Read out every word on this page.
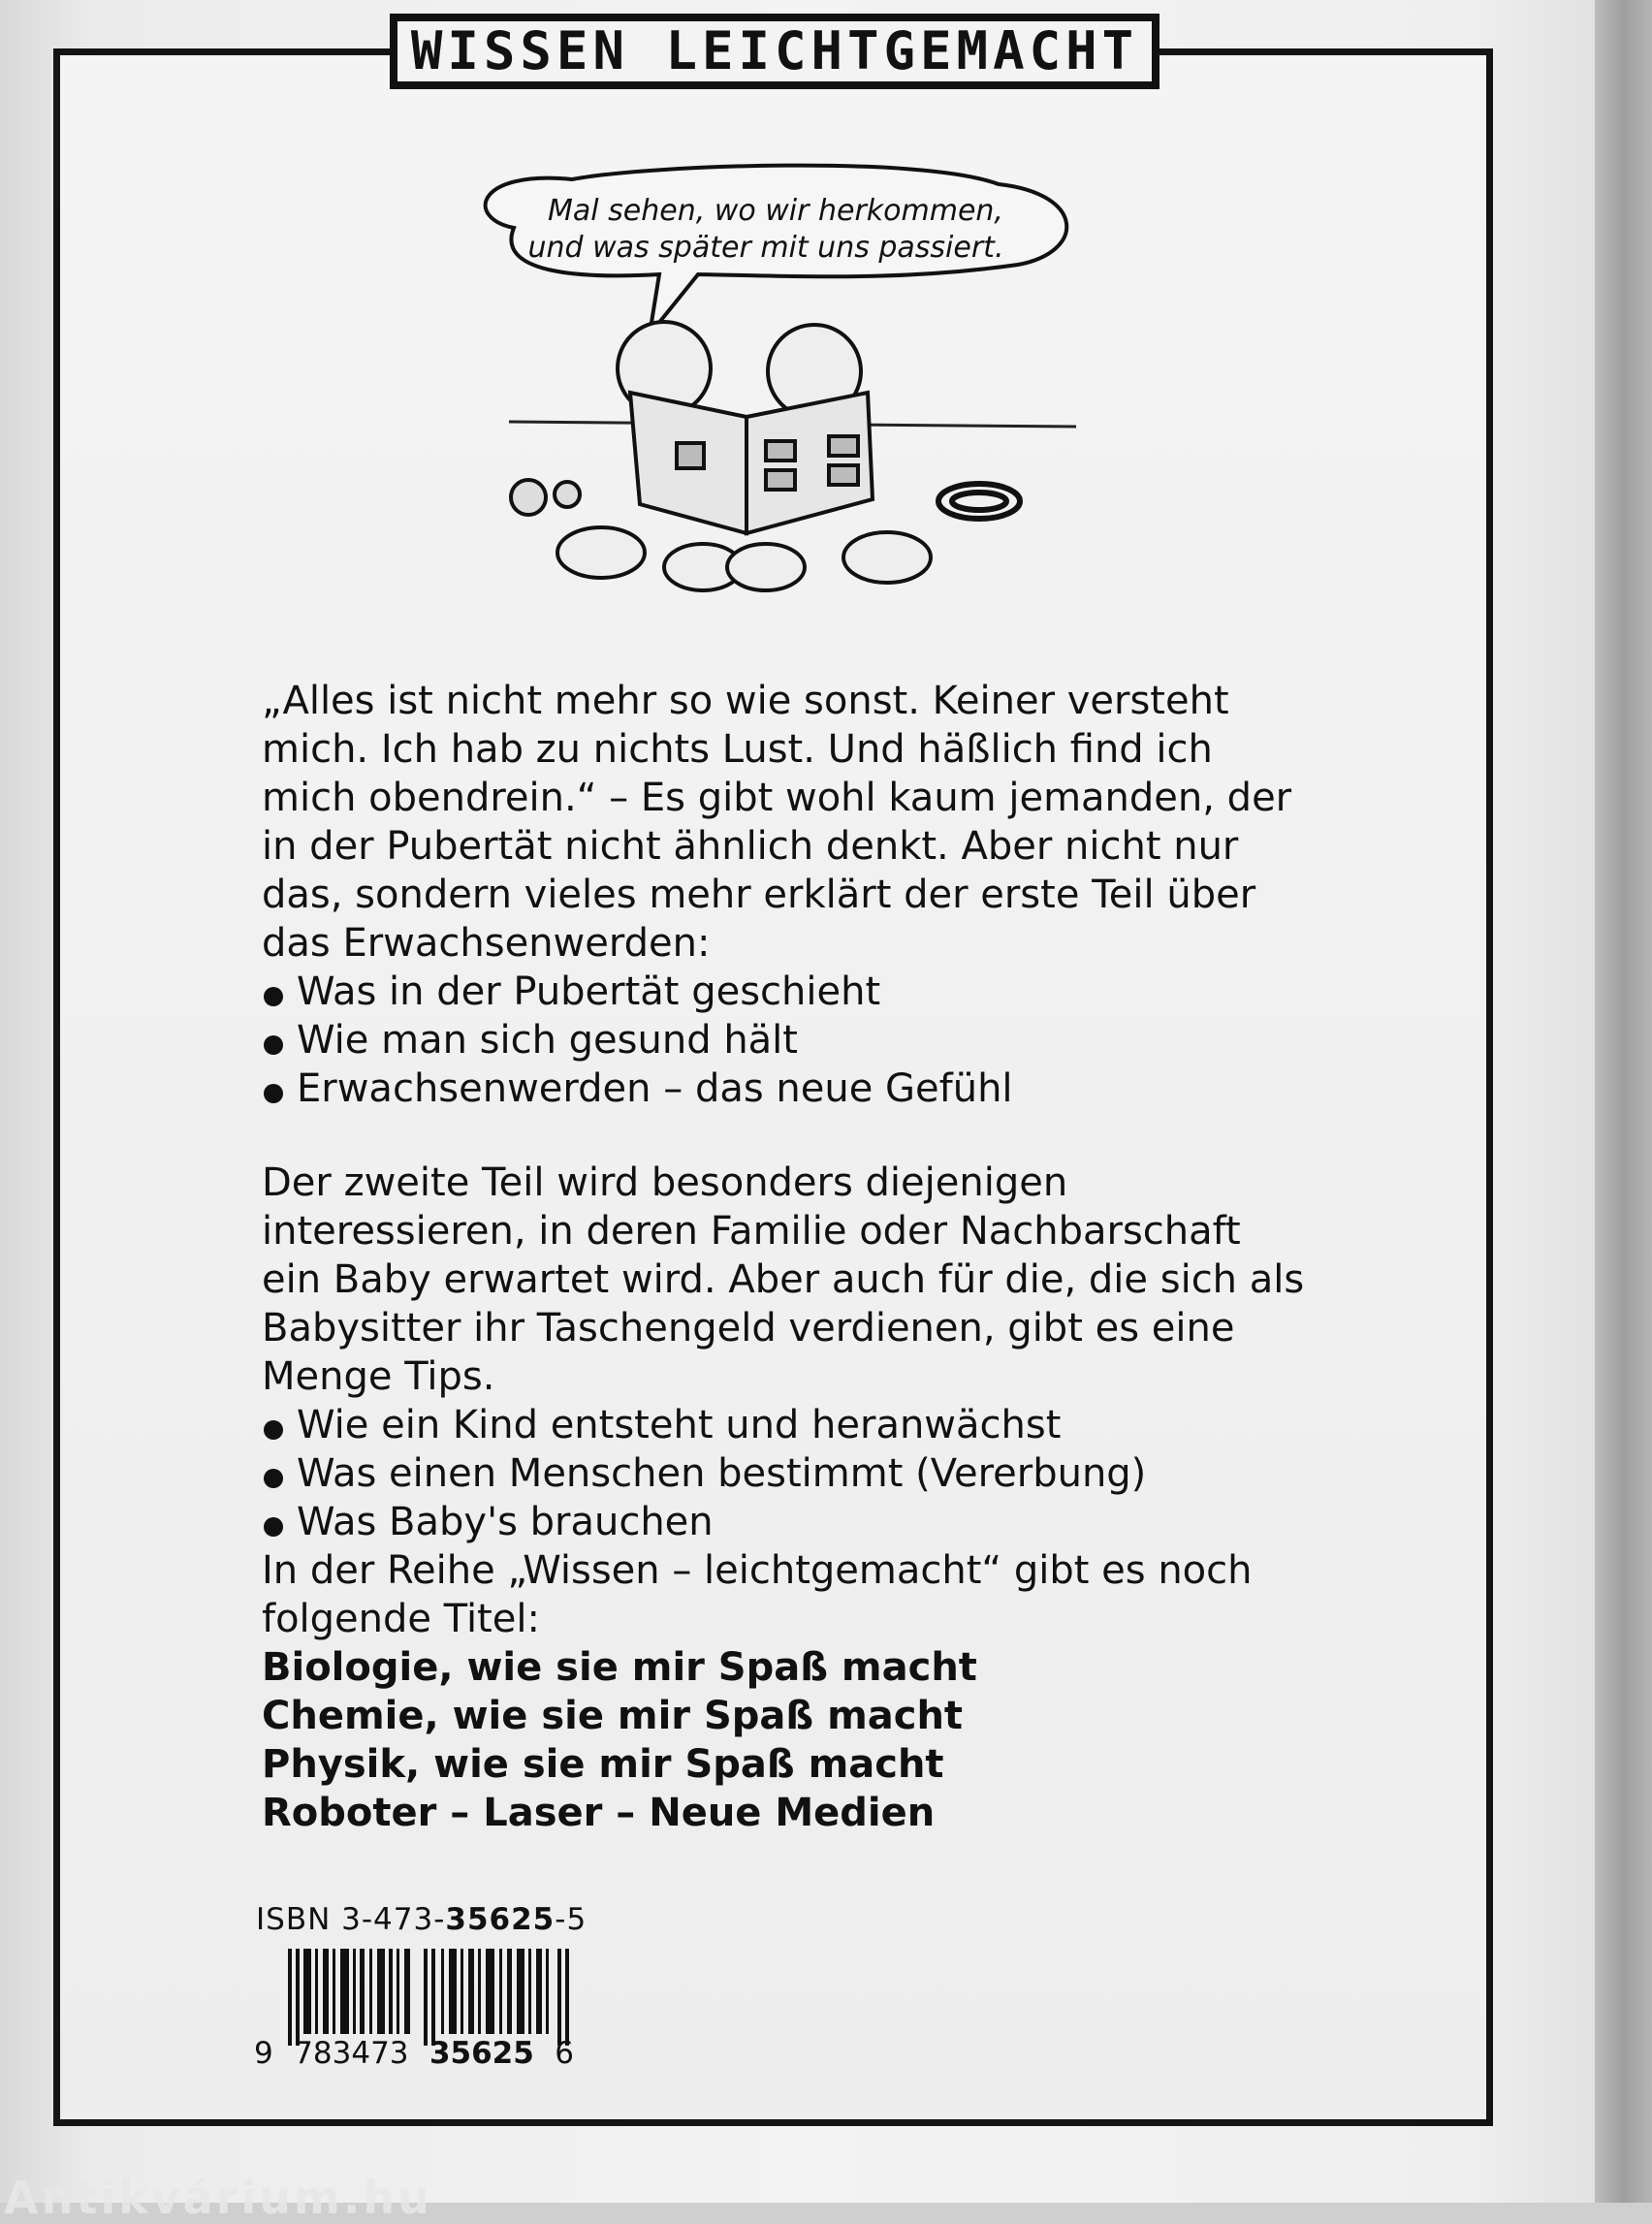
WISSEN LEICHTGEMACHT
Mal sehen, wo wir herkommen,
und was später mit uns passiert.

„Alles ist nicht mehr so wie sonst. Keiner versteht mich. Ich hab zu nichts Lust. Und häßlich find ich mich obendrein.“ – Es gibt wohl kaum jemanden, der in der Pubertät nicht ähnlich denkt. Aber nicht nur das, sondern vieles mehr erklärt der erste Teil über das Erwachsenwerden:

Was in der Pubertät geschieht
Wie man sich gesund hält
Erwachsenwerden – das neue Gefühl

Der zweite Teil wird besonders diejenigen interessieren, in deren Familie oder Nachbarschaft ein Baby erwartet wird. Aber auch für die, die sich als Babysitter ihr Taschengeld verdienen, gibt es eine Menge Tips.

Wie ein Kind entsteht und heranwächst
Was einen Menschen bestimmt (Vererbung)
Was Baby's brauchen

In der Reihe „Wissen – leichtgemacht“ gibt es noch folgende Titel:

Biologie, wie sie mir Spaß macht
Chemie, wie sie mir Spaß macht
Physik, wie sie mir Spaß macht
Roboter – Laser – Neue Medien
ISBN 3-473-35625-5
9 783473 35625 6
Antikvárium.hu
